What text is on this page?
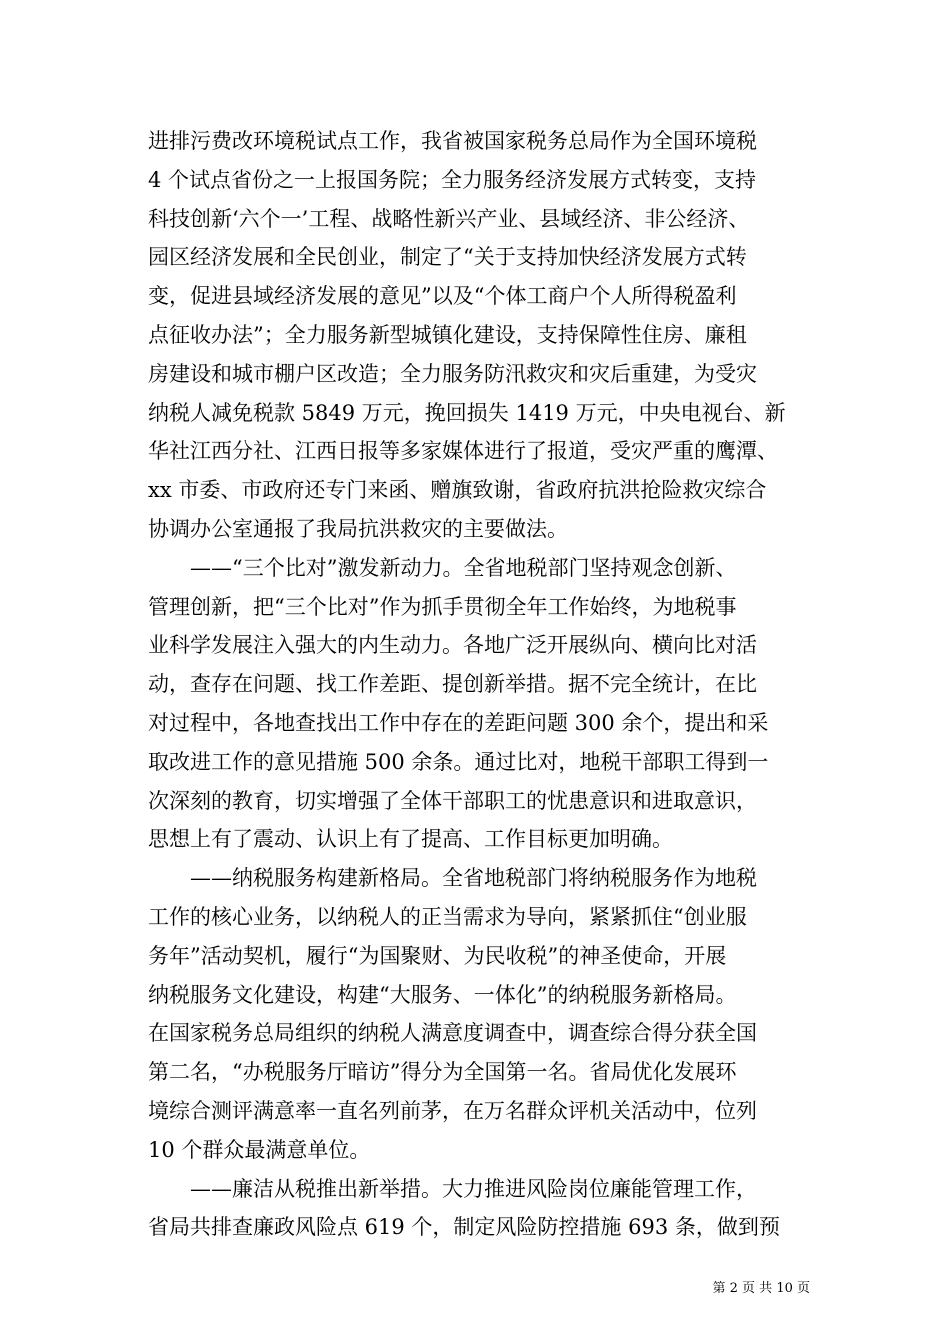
进排污费改环境税试点工作，我省被国家税务总局作为全国环境税
4 个试点省份之一上报国务院；全力服务经济发展方式转变，支持
科技创新‘六个一’工程、战略性新兴产业、县域经济、非公经济、
园区经济发展和全民创业，制定了“关于支持加快经济发展方式转
变，促进县域经济发展的意见”以及“个体工商户个人所得税盈利
点征收办法”；全力服务新型城镇化建设，支持保障性住房、廉租
房建设和城市棚户区改造；全力服务防汛救灾和灾后重建，为受灾
纳税人减免税款 5849 万元，挽回损失 1419 万元，中央电视台、新
华社江西分社、江西日报等多家媒体进行了报道，受灾严重的鹰潭、
xx 市委、市政府还专门来函、赠旗致谢，省政府抗洪抢险救灾综合
协调办公室通报了我局抗洪救灾的主要做法。
——“三个比对”激发新动力。全省地税部门坚持观念创新、
管理创新，把“三个比对”作为抓手贯彻全年工作始终，为地税事
业科学发展注入强大的内生动力。各地广泛开展纵向、横向比对活
动，查存在问题、找工作差距、提创新举措。据不完全统计，在比
对过程中，各地查找出工作中存在的差距问题 300 余个，提出和采
取改进工作的意见措施 500 余条。通过比对，地税干部职工得到一
次深刻的教育，切实增强了全体干部职工的忧患意识和进取意识，
思想上有了震动、认识上有了提高、工作目标更加明确。
——纳税服务构建新格局。全省地税部门将纳税服务作为地税
工作的核心业务，以纳税人的正当需求为导向，紧紧抓住“创业服
务年”活动契机，履行“为国聚财、为民收税”的神圣使命，开展
纳税服务文化建设，构建“大服务、一体化”的纳税服务新格局。
在国家税务总局组织的纳税人满意度调查中，调查综合得分获全国
第二名，“办税服务厅暗访”得分为全国第一名。省局优化发展环
境综合测评满意率一直名列前茅，在万名群众评机关活动中，位列
10 个群众最满意单位。
——廉洁从税推出新举措。大力推进风险岗位廉能管理工作，
省局共排查廉政风险点 619 个，制定风险防控措施 693 条，做到预
第 2 页 共 10 页
